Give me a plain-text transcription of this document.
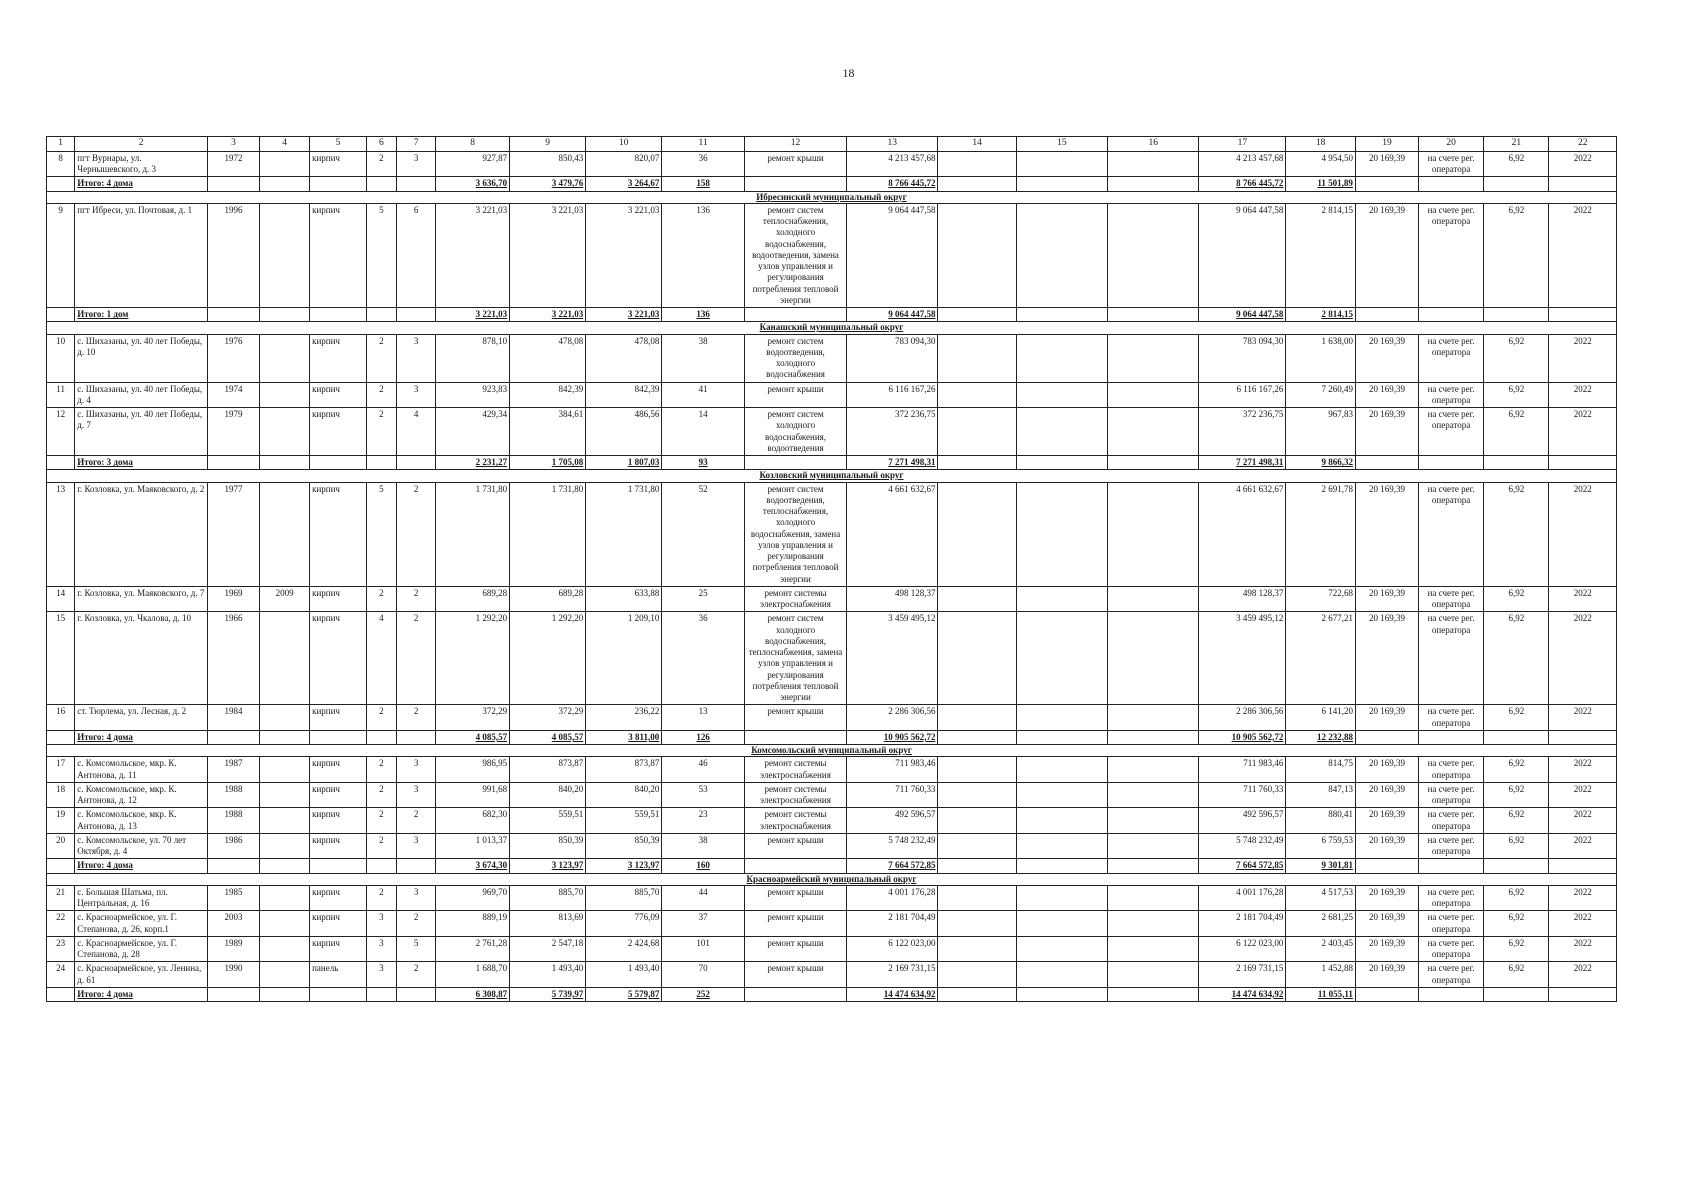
18
1	2	3	4	5	6	7	8	9	10	11	12	13	14	15	16	17	18	19	20	21	22
8	пгт Вурнары, ул. Чернышевского, д. 3	1972		кирпич	2	3	927,87	850,43	820,07	36	ремонт крыши	4 213 457,68				4 213 457,68	4 954,50	20 169,39	на счете рег. оператора	6,92	2022
	Итого: 4 дома						3 636,70	3 479,76	3 264,67	158		8 766 445,72				8 766 445,72	11 501,89				
Ибресинский муниципальный округ																					
9	пгт Ибреси, ул. Почтовая, д. 1	1996		кирпич	5	6	3 221,03	3 221,03	3 221,03	136	ремонт систем теплоснабжения, холодного водоснабжения, водоотведения, замена узлов управления и регулирования потребления тепловой энергии	9 064 447,58				9 064 447,58	2 814,15	20 169,39	на счете рег. оператора	6,92	2022
	Итого: 1 дом						3 221,03	3 221,03	3 221,03	136		9 064 447,58				9 064 447,58	2 814,15				
Канашский муниципальный округ																					
10	с. Шихазаны, ул. 40 лет Победы, д. 10	1976		кирпич	2	3	878,10	478,08	478,08	38	ремонт систем водоотведения, холодного водоснабжения	783 094,30				783 094,30	1 638,00	20 169,39	на счете рег. оператора	6,92	2022
11	с. Шихазаны, ул. 40 лет Победы, д. 4	1974		кирпич	2	3	923,83	842,39	842,39	41	ремонт крыши	6 116 167,26				6 116 167,26	7 260,49	20 169,39	на счете рег. оператора	6,92	2022
12	с. Шихазаны, ул. 40 лет Победы, д. 7	1979		кирпич	2	4	429,34	384,61	486,56	14	ремонт систем холодного водоснабжения, водоотведения	372 236,75				372 236,75	967,83	20 169,39	на счете рег. оператора	6,92	2022
	Итого: 3 дома						2 231,27	1 705,08	1 807,03	93		7 271 498,31				7 271 498,31	9 866,32				
Козловский муниципальный округ																					
13	г. Козловка, ул. Маяковского, д. 2	1977		кирпич	5	2	1 731,80	1 731,80	1 731,80	52	ремонт систем водоотведения, теплоснабжения, холодного водоснабжения, замена узлов управления и регулирования потребления тепловой энергии	4 661 632,67				4 661 632,67	2 691,78	20 169,39	на счете рег. оператора	6,92	2022
14	г. Козловка, ул. Маяковского, д. 7	1969	2009	кирпич	2	2	689,28	689,28	633,88	25	ремонт системы электроснабжения	498 128,37				498 128,37	722,68	20 169,39	на счете рег. оператора	6,92	2022
15	г. Козловка, ул. Чкалова, д. 10	1966		кирпич	4	2	1 292,20	1 292,20	1 209,10	36	ремонт систем холодного водоснабжения, теплоснабжения, замена узлов управления и регулирования потребления тепловой энергии	3 459 495,12				3 459 495,12	2 677,21	20 169,39	на счете рег. оператора	6,92	2022
16	ст. Тюрлема, ул. Лесная, д. 2	1984		кирпич	2	2	372,29	372,29	236,22	13	ремонт крыши	2 286 306,56				2 286 306,56	6 141,20	20 169,39	на счете рег. оператора	6,92	2022
	Итого: 4 дома						4 085,57	4 085,57	3 811,00	126		10 905 562,72				10 905 562,72	12 232,88				
Комсомольский муниципальный округ																					
17	с. Комсомольское, мкр. К. Антонова, д. 11	1987		кирпич	2	3	986,95	873,87	873,87	46	ремонт системы электроснабжения	711 983,46				711 983,46	814,75	20 169,39	на счете рег. оператора	6,92	2022
18	с. Комсомольское, мкр. К. Антонова, д. 12	1988		кирпич	2	3	991,68	840,20	840,20	53	ремонт системы электроснабжения	711 760,33				711 760,33	847,13	20 169,39	на счете рег. оператора	6,92	2022
19	с. Комсомольское, мкр. К. Антонова, д. 13	1988		кирпич	2	2	682,30	559,51	559,51	23	ремонт системы электроснабжения	492 596,57				492 596,57	880,41	20 169,39	на счете рег. оператора	6,92	2022
20	с. Комсомольское, ул. 70 лет Октября, д. 4	1986		кирпич	2	3	1 013,37	850,39	850,39	38	ремонт крыши	5 748 232,49				5 748 232,49	6 759,53	20 169,39	на счете рег. оператора	6,92	2022
	Итого: 4 дома						3 674,30	3 123,97	3 123,97	160		7 664 572,85				7 664 572,85	9 301,81				
Красноармейский муниципальный округ																					
21	с. Большая Шатьма, пл. Центральная, д. 16	1985		кирпич	2	3	969,70	885,70	885,70	44	ремонт крыши	4 001 176,28				4 001 176,28	4 517,53	20 169,39	на счете рег. оператора	6,92	2022
22	с. Красноармейское, ул. Г. Степанова, д. 26, корп.1	2003		кирпич	3	2	889,19	813,69	776,09	37	ремонт крыши	2 181 704,49				2 181 704,49	2 681,25	20 169,39	на счете рег. оператора	6,92	2022
23	с. Красноармейское, ул. Г. Степанова, д. 28	1989		кирпич	3	5	2 761,28	2 547,18	2 424,68	101	ремонт крыши	6 122 023,00				6 122 023,00	2 403,45	20 169,39	на счете рег. оператора	6,92	2022
24	с. Красноармейское, ул. Ленина, д. 61	1990		панель	3	2	1 688,70	1 493,40	1 493,40	70	ремонт крыши	2 169 731,15				2 169 731,15	1 452,88	20 169,39	на счете рег. оператора	6,92	2022
	Итого: 4 дома						6 308,87	5 739,97	5 579,87	252		14 474 634,92				14 474 634,92	11 055,11				
